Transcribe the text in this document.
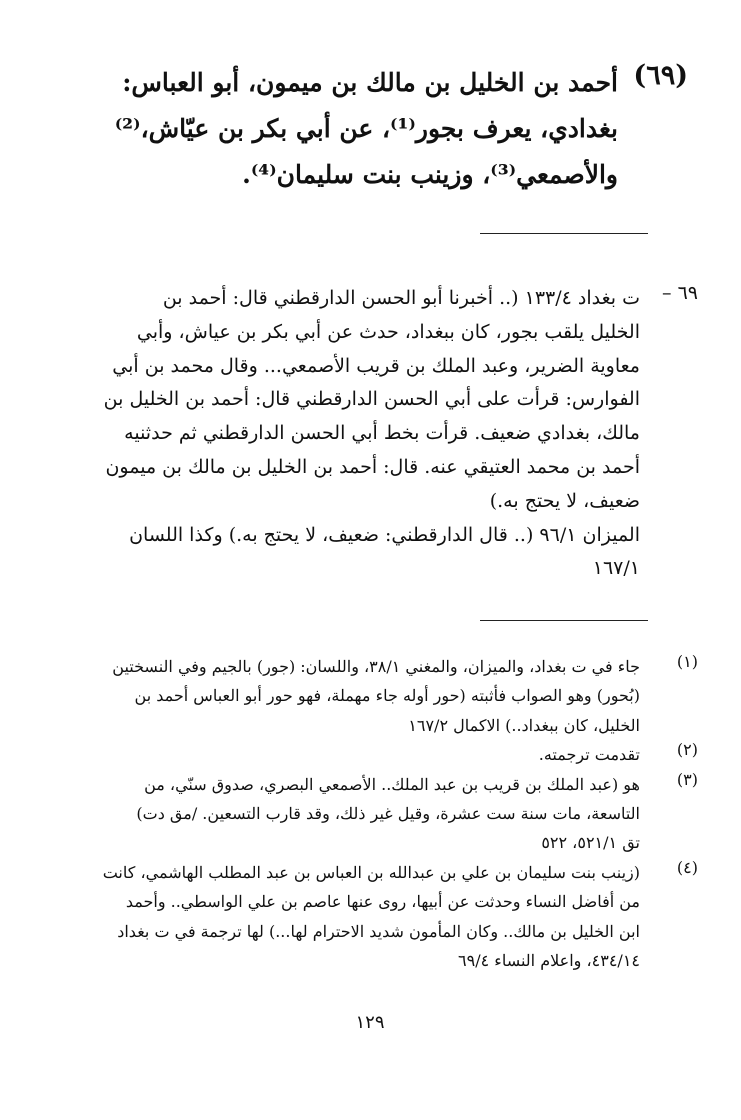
(٦٩)

أحمد بن الخليل بن مالك بن ميمون، أبو العباس:

بغدادي، يعرف بجور⁽¹⁾، عن أبي بكر بن عيّاش،⁽²⁾

والأصمعي⁽³⁾، وزينب بنت سليمان⁽⁴⁾.

٦٩ –

ت بغداد ١٣٣/٤ (.. أخبرنا أبو الحسن الدارقطني قال: أحمد بن

الخليل يلقب بجور، كان ببغداد، حدث عن أبي بكر بن عياش، وأبي

معاوية الضرير، وعبد الملك بن قريب الأصمعي... وقال محمد بن أبي

الفوارس: قرأت على أبي الحسن الدارقطني قال: أحمد بن الخليل بن

مالك، بغدادي ضعيف. قرأت بخط أبي الحسن الدارقطني ثم حدثنيه

أحمد بن محمد العتيقي عنه. قال: أحمد بن الخليل بن مالك بن ميمون

ضعيف، لا يحتج به.)

الميزان ٩٦/١ (.. قال الدارقطني: ضعيف، لا يحتج به.) وكذا اللسان

١٦٧/١

(١)

جاء في ت بغداد، والميزان، والمغني ٣٨/١، واللسان: (جور) بالجيم وفي النسختين

(بُحور) وهو الصواب فأثبته (حور أوله جاء مهملة، فهو حور أبو العباس أحمد بن

الخليل، كان ببغداد..) الاكمال ١٦٧/٢

(٢)

تقدمت ترجمته.

(٣)

هو (عبد الملك بن قريب بن عبد الملك.. الأصمعي البصري، صدوق سنّي، من

التاسعة، مات سنة ست عشرة، وقيل غير ذلك، وقد قارب التسعين. /مق دت)

تق ٥٢١/١، ٥٢٢

(٤)

(زينب بنت سليمان بن علي بن عبدالله بن العباس بن عبد المطلب الهاشمي، كانت

من أفاضل النساء وحدثت عن أبيها، روى عنها عاصم بن علي الواسطي.. وأحمد

ابن الخليل بن مالك.. وكان المأمون شديد الاحترام لها...) لها ترجمة في ت بغداد

٤٣٤/١٤، واعلام النساء ٦٩/٤

١٢٩
